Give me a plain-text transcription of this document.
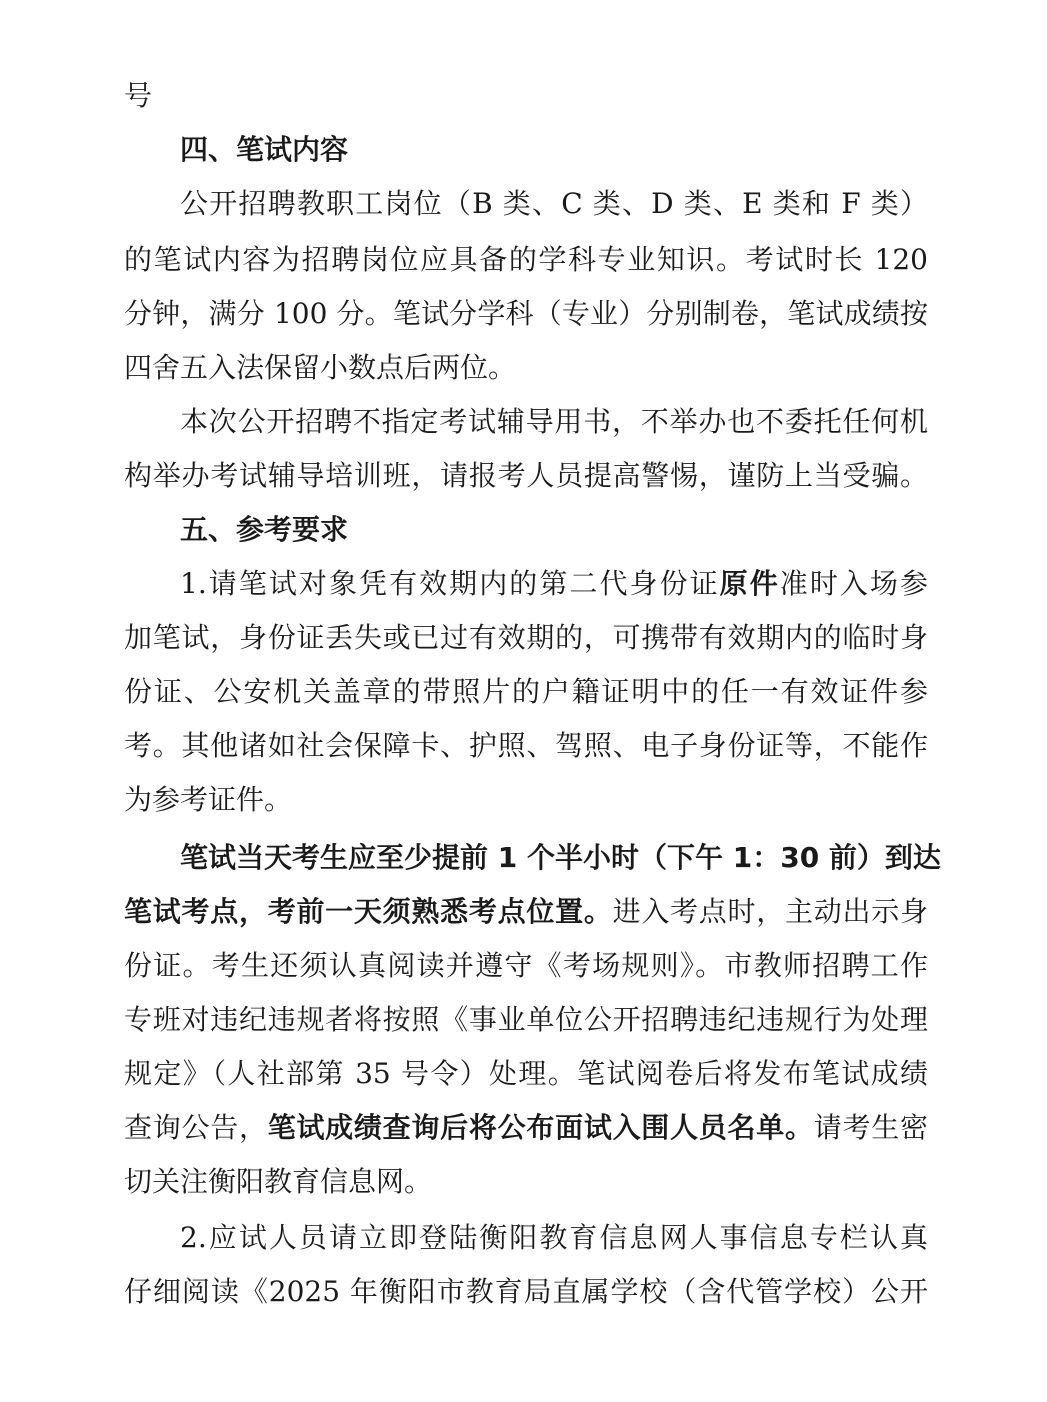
号
四、笔试内容
公开招聘教职工岗位（B 类、C 类、D 类、E 类和 F 类）
的笔试内容为招聘岗位应具备的学科专业知识。考试时长 120
分钟，满分 100 分。笔试分学科（专业）分别制卷，笔试成绩按
四舍五入法保留小数点后两位。
本次公开招聘不指定考试辅导用书，不举办也不委托任何机
构举办考试辅导培训班，请报考人员提高警惕，谨防上当受骗。
五、参考要求
1.请笔试对象凭有效期内的第二代身份证原件准时入场参
加笔试，身份证丢失或已过有效期的，可携带有效期内的临时身
份证、公安机关盖章的带照片的户籍证明中的任一有效证件参
考。其他诸如社会保障卡、护照、驾照、电子身份证等，不能作
为参考证件。
笔试当天考生应至少提前 1 个半小时（下午 1：30 前）到达
笔试考点，考前一天须熟悉考点位置。进入考点时，主动出示身
份证。考生还须认真阅读并遵守《考场规则》。市教师招聘工作
专班对违纪违规者将按照《事业单位公开招聘违纪违规行为处理
规定》（人社部第 35 号令）处理。笔试阅卷后将发布笔试成绩
查询公告，笔试成绩查询后将公布面试入围人员名单。请考生密
切关注衡阳教育信息网。
2.应试人员请立即登陆衡阳教育信息网人事信息专栏认真
仔细阅读《2025 年衡阳市教育局直属学校（含代管学校）公开
